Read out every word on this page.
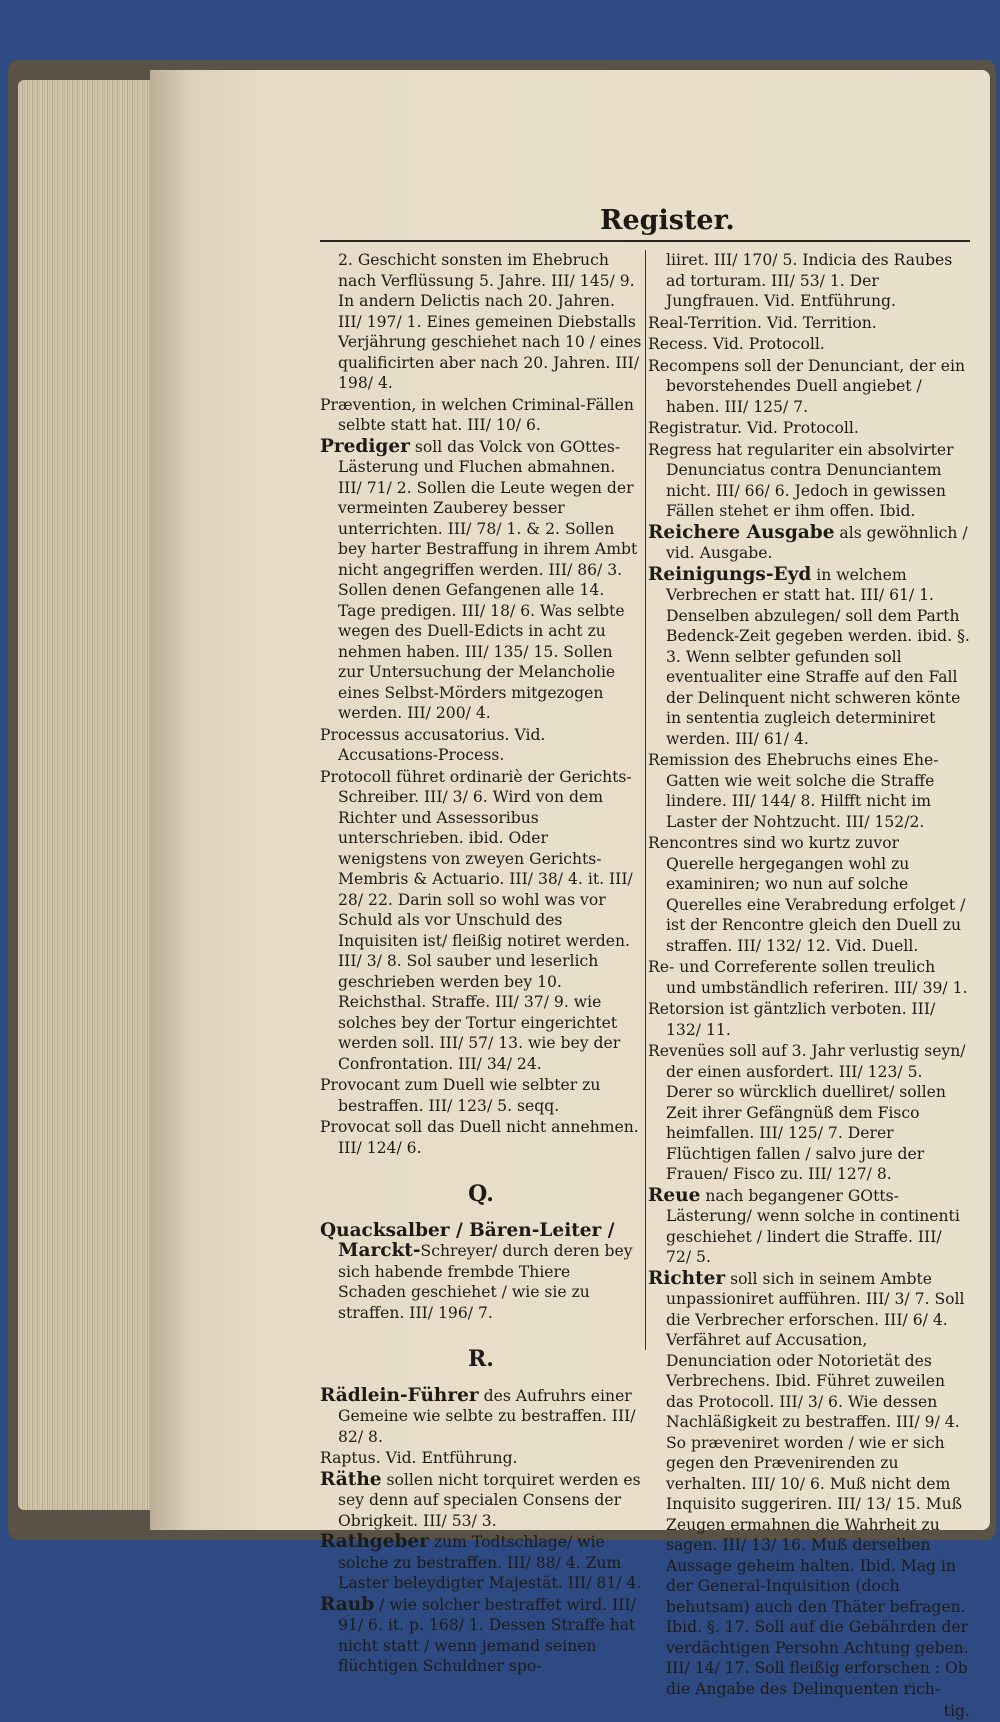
Register.
2. Geschicht sonsten im Ehebruch nach Verflüssung 5. Jahre. III/ 145/ 9. In andern Delictis nach 20. Jahren. III/ 197/ 1. Eines gemeinen Diebstalls Verjährung geschiehet nach 10 / eines qualificirten aber nach 20. Jahren. III/ 198/ 4.
Prævention, in welchen Criminal-Fällen selbte statt hat. III/ 10/ 6.
Prediger soll das Volck von GOttes-Lästerung und Fluchen abmahnen. III/ 71/ 2. Sollen die Leute wegen der vermeinten Zauberey besser unterrichten. III/ 78/ 1. & 2. Sollen bey harter Bestraffung in ihrem Ambt nicht angegriffen werden. III/ 86/ 3. Sollen denen Gefangenen alle 14. Tage predigen. III/ 18/ 6. Was selbte wegen des Duell-Edicts in acht zu nehmen haben. III/ 135/ 15. Sollen zur Untersuchung der Melancholie eines Selbst-Mörders mitgezogen werden. III/ 200/ 4.
Processus accusatorius. Vid. Accusations-Process.
Protocoll führet ordinariè der Gerichts-Schreiber. III/ 3/ 6. Wird von dem Richter und Assessoribus unterschrieben. ibid. Oder wenigstens von zweyen Gerichts-Membris & Actuario. III/ 38/ 4. it. III/ 28/ 22. Darin soll so wohl was vor Schuld als vor Unschuld des Inquisiten ist/ fleißig notiret werden. III/ 3/ 8. Sol sauber und leserlich geschrieben werden bey 10. Reichsthal. Straffe. III/ 37/ 9. wie solches bey der Tortur eingerichtet werden soll. III/ 57/ 13. wie bey der Confrontation. III/ 34/ 24.
Provocant zum Duell wie selbter zu bestraffen. III/ 123/ 5. seqq.
Provocat soll das Duell nicht annehmen. III/ 124/ 6.
Q.
Quacksalber / Bären-Leiter / Marckt-Schreyer/ durch deren bey sich habende frembde Thiere Schaden geschiehet / wie sie zu straffen. III/ 196/ 7.
R.
Rädlein-Führer des Aufruhrs einer Gemeine wie selbte zu bestraffen. III/ 82/ 8.
Raptus. Vid. Entführung.
Räthe sollen nicht torquiret werden es sey denn auf specialen Consens der Obrigkeit. III/ 53/ 3.
Rathgeber zum Todtschlage/ wie solche zu bestraffen. III/ 88/ 4. Zum Laster beleydigter Majestät. III/ 81/ 4.
Raub / wie solcher bestraffet wird. III/ 91/ 6. it. p. 168/ 1. Dessen Straffe hat nicht statt / wenn jemand seinen flüchtigen Schuldner spo-
liiret. III/ 170/ 5. Indicia des Raubes ad torturam. III/ 53/ 1. Der Jungfrauen. Vid. Entführung.
Real-Territion. Vid. Territion.
Recess. Vid. Protocoll.
Recompens soll der Denunciant, der ein bevorstehendes Duell angiebet / haben. III/ 125/ 7.
Registratur. Vid. Protocoll.
Regress hat regulariter ein absolvirter Denunciatus contra Denunciantem nicht. III/ 66/ 6. Jedoch in gewissen Fällen stehet er ihm offen. Ibid.
Reichere Ausgabe als gewöhnlich / vid. Ausgabe.
Reinigungs-Eyd in welchem Verbrechen er statt hat. III/ 61/ 1. Denselben abzulegen/ soll dem Parth Bedenck-Zeit gegeben werden. ibid. §. 3. Wenn selbter gefunden soll eventualiter eine Straffe auf den Fall der Delinquent nicht schweren könte in sententia zugleich determiniret werden. III/ 61/ 4.
Remission des Ehebruchs eines Ehe-Gatten wie weit solche die Straffe lindere. III/ 144/ 8. Hilfft nicht im Laster der Nohtzucht. III/ 152/2.
Rencontres sind wo kurtz zuvor Querelle hergegangen wohl zu examiniren; wo nun auf solche Querelles eine Verabredung erfolget / ist der Rencontre gleich den Duell zu straffen. III/ 132/ 12. Vid. Duell.
Re- und Correferente sollen treulich und umbständlich referiren. III/ 39/ 1.
Retorsion ist gäntzlich verboten. III/ 132/ 11.
Revenües soll auf 3. Jahr verlustig seyn/ der einen ausfordert. III/ 123/ 5. Derer so würcklich duelliret/ sollen Zeit ihrer Gefängnüß dem Fisco heimfallen. III/ 125/ 7. Derer Flüchtigen fallen / salvo jure der Frauen/ Fisco zu. III/ 127/ 8.
Reue nach begangener GOtts-Lästerung/ wenn solche in continenti geschiehet / lindert die Straffe. III/ 72/ 5.
Richter soll sich in seinem Ambte unpassioniret aufführen. III/ 3/ 7. Soll die Verbrecher erforschen. III/ 6/ 4. Verfähret auf Accusation, Denunciation oder Notorietät des Verbrechens. Ibid. Führet zuweilen das Protocoll. III/ 3/ 6. Wie dessen Nachläßigkeit zu bestraffen. III/ 9/ 4. So præveniret worden / wie er sich gegen den Prævenirenden zu verhalten. III/ 10/ 6. Muß nicht dem Inquisito suggeriren. III/ 13/ 15. Muß Zeugen ermahnen die Wahrheit zu sagen. III/ 13/ 16. Muß derselben Aussage geheim halten. Ibid. Mag in der General-Inquisition (doch behutsam) auch den Thäter befragen. Ibid. §. 17. Soll auf die Gebährden der verdächtigen Persohn Achtung geben. III/ 14/ 17. Soll fleißig erforschen : Ob die Angabe des Delinquenten rich-
tig.
